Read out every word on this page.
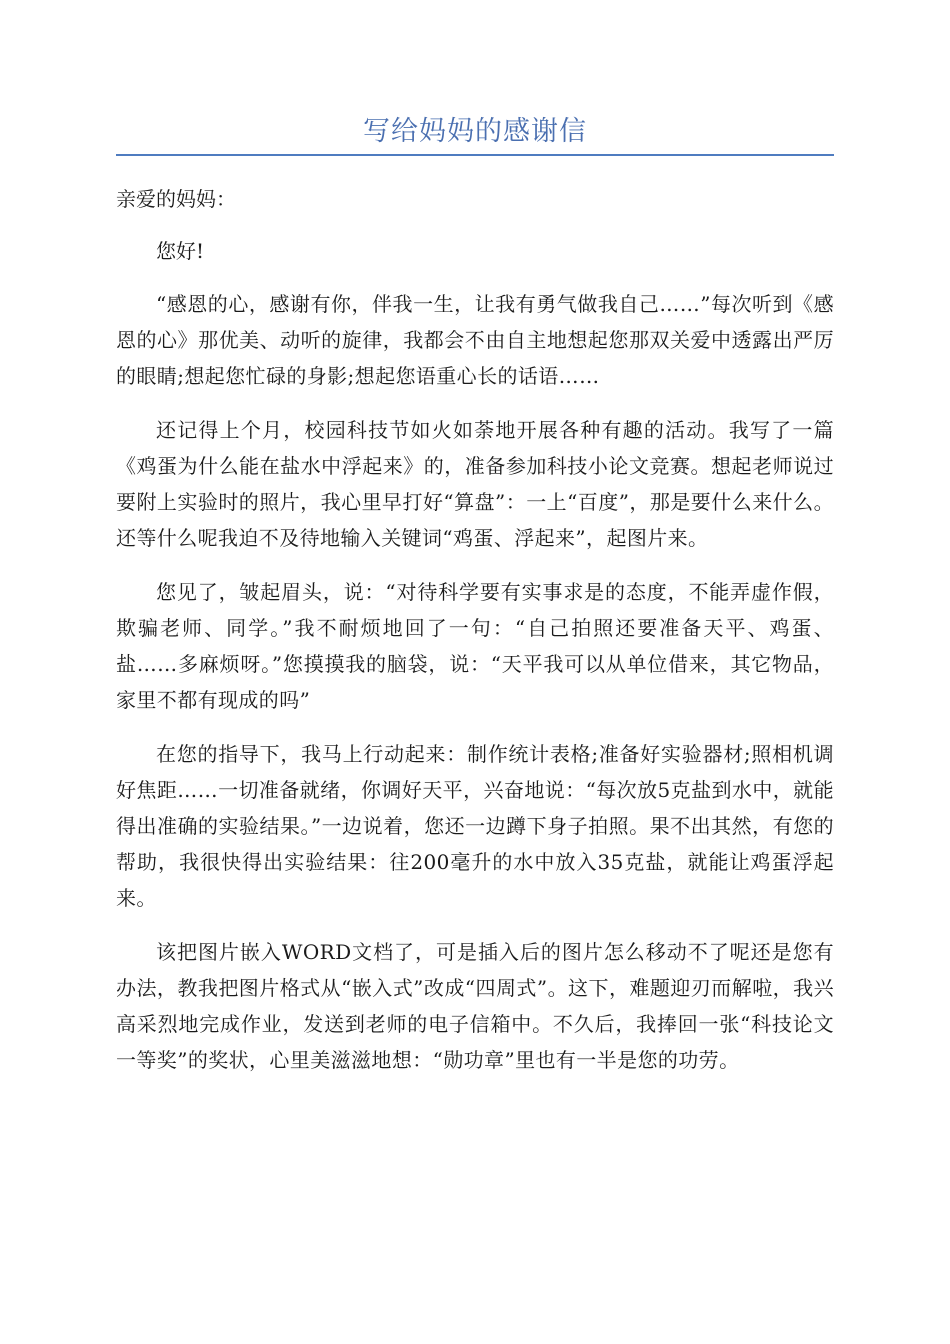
写给妈妈的感谢信

亲爱的妈妈：

您好!

“感恩的心，感谢有你，伴我一生，让我有勇气做我自己……”每次听到《感恩的心》那优美、动听的旋律，我都会不由自主地想起您那双关爱中透露出严厉的眼睛;想起您忙碌的身影;想起您语重心长的话语……

还记得上个月，校园科技节如火如荼地开展各种有趣的活动。我写了一篇《鸡蛋为什么能在盐水中浮起来》的，准备参加科技小论文竞赛。想起老师说过要附上实验时的照片，我心里早打好“算盘”：一上“百度”，那是要什么来什么。还等什么呢我迫不及待地输入关键词“鸡蛋、浮起来”，起图片来。

您见了，皱起眉头，说：“对待科学要有实事求是的态度，不能弄虚作假，欺骗老师、同学。”我不耐烦地回了一句：“自己拍照还要准备天平、鸡蛋、盐……多麻烦呀。”您摸摸我的脑袋，说：“天平我可以从单位借来，其它物品，家里不都有现成的吗”

在您的指导下，我马上行动起来：制作统计表格;准备好实验器材;照相机调好焦距……一切准备就绪，你调好天平，兴奋地说：“每次放5克盐到水中，就能得出准确的实验结果。”一边说着，您还一边蹲下身子拍照。果不出其然，有您的帮助，我很快得出实验结果：往200毫升的水中放入35克盐，就能让鸡蛋浮起来。

该把图片嵌入WORD文档了，可是插入后的图片怎么移动不了呢还是您有办法，教我把图片格式从“嵌入式”改成“四周式”。这下，难题迎刃而解啦，我兴高采烈地完成作业，发送到老师的电子信箱中。不久后，我捧回一张“科技论文一等奖”的奖状，心里美滋滋地想：“勋功章”里也有一半是您的功劳。
